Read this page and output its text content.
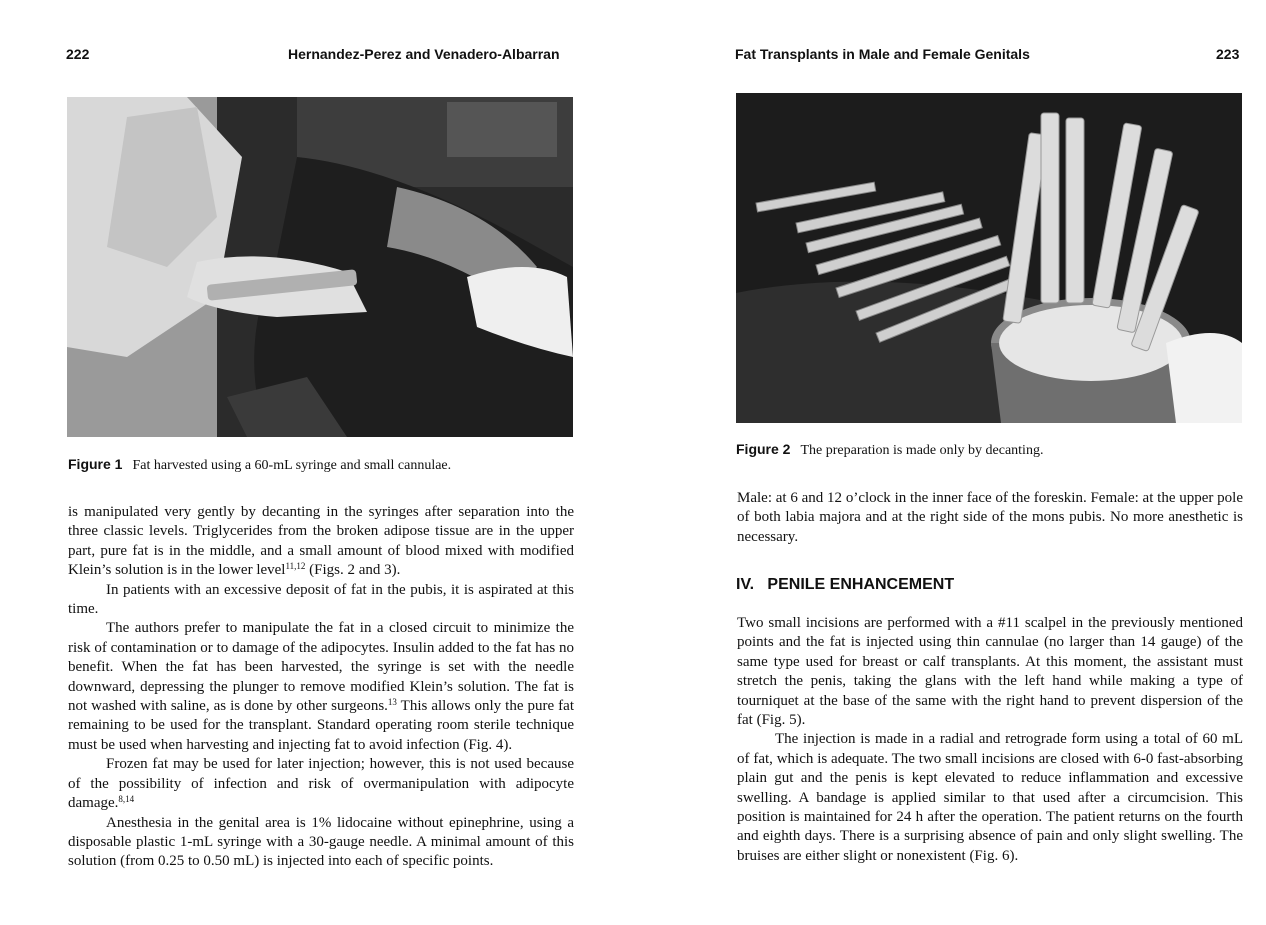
222	Hernandez-Perez and Venadero-Albarran
Figure 1 Fat harvested using a 60-mL syringe and small cannulae.

is manipulated very gently by decanting in the syringes after separation into the three classic levels. Triglycerides from the broken adipose tissue are in the upper part, pure fat is in the middle, and a small amount of blood mixed with modified Klein’s solution is in the lower level$^{11,12}$ (Figs. 2 and 3).

In patients with an excessive deposit of fat in the pubis, it is aspirated at this time.

The authors prefer to manipulate the fat in a closed circuit to minimize the risk of contamination or to damage of the adipocytes. Insulin added to the fat has no benefit. When the fat has been harvested, the syringe is set with the needle downward, depressing the plunger to remove modified Klein’s solution. The fat is not washed with saline, as is done by other surgeons.$^{13}$ This allows only the pure fat remaining to be used for the transplant. Standard operating room sterile technique must be used when harvesting and injecting fat to avoid infection (Fig. 4).

Frozen fat may be used for later injection; however, this is not used because of the possibility of infection and risk of overmanipulation with adipocyte damage.$^{8,14}$

Anesthesia in the genital area is 1% lidocaine without epinephrine, using a disposable plastic 1-mL syringe with a 30-gauge needle. A minimal amount of this solution (from 0.25 to 0.50 mL) is injected into each of specific points.

Fat Transplants in Male and Female Genitals	223
Figure 2 The preparation is made only by decanting.

Male: at 6 and 12 o’clock in the inner face of the foreskin. Female: at the upper pole of both labia majora and at the right side of the mons pubis. No more anesthetic is necessary.

IV.   PENILE ENHANCEMENT

Two small incisions are performed with a #11 scalpel in the previously mentioned points and the fat is injected using thin cannulae (no larger than 14 gauge) of the same type used for breast or calf transplants. At this moment, the assistant must stretch the penis, taking the glans with the left hand while making a type of tourniquet at the base of the same with the right hand to prevent dispersion of the fat (Fig. 5).

The injection is made in a radial and retrograde form using a total of 60 mL of fat, which is adequate. The two small incisions are closed with 6-0 fast-absorbing plain gut and the penis is kept elevated to reduce inflammation and excessive swelling. A bandage is applied similar to that used after a circumcision. This position is maintained for 24 h after the operation. The patient returns on the fourth and eighth days. There is a surprising absence of pain and only slight swelling. The bruises are either slight or nonexistent (Fig. 6).
